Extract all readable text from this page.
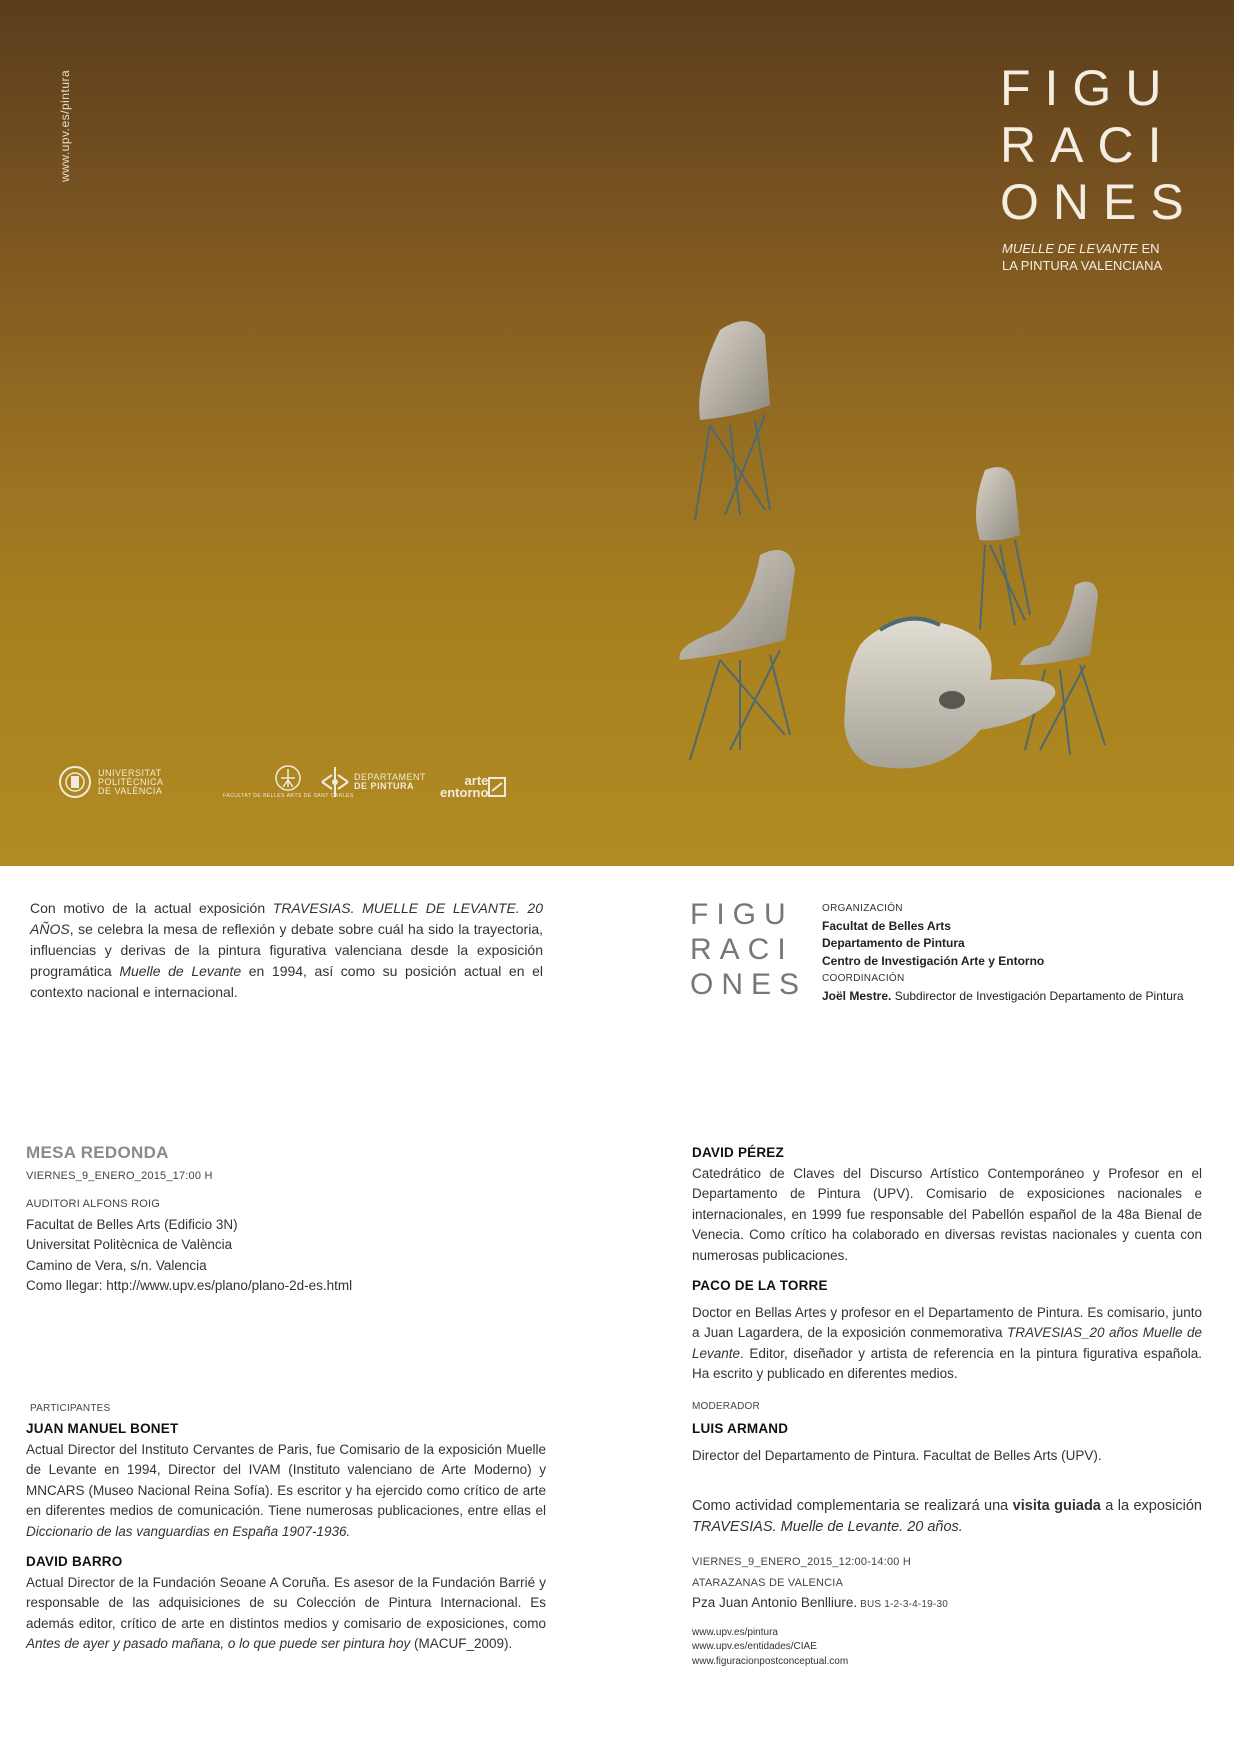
www.upv.es/pintura	FIGU
RACI
ONES
MUELLE DE LEVANTE EN
LA PINTURA VALENCIANA
UNIVERSITAT
POLITÈCNICA
DE VALÈNCIA
FACULTAT DE BELLES ARTS DE SANT CARLES
DEPARTAMENT
DE PINTURA	arte
entorno
Con motivo de la actual exposición TRAVESIAS. MUELLE DE LEVANTE. 20 AÑOS, se celebra la mesa de reflexión y debate sobre cuál ha sido la trayectoria, influencias y derivas de la pintura figurativa valenciana desde la exposición programática Muelle de Levante en 1994, así como su posición actual en el contexto nacional e internacional.
FIGU
RACI
ONES
ORGANIZACIÓN
Facultat de Belles Arts
Departamento de Pintura
Centro de Investigación Arte y Entorno
COORDINACIÓN
Joël Mestre. Subdirector de Investigación Departamento de Pintura
MESA REDONDA
VIERNES_9_ENERO_2015_17:00 H
AUDITORI ALFONS ROIG
Facultat de Belles Arts (Edificio 3N)
Universitat Politècnica de València
Camino de Vera, s/n. Valencia
Como llegar: http://www.upv.es/plano/plano-2d-es.html
PARTICIPANTES
JUAN MANUEL BONET
Actual Director del Instituto Cervantes de Paris, fue Comisario de la exposición Muelle de Levante en 1994, Director del IVAM (Instituto valenciano de Arte Moderno) y MNCARS (Museo Nacional Reina Sofía). Es escritor y ha ejercido como crítico de arte en diferentes medios de comunicación. Tiene numerosas publicaciones, entre ellas el Diccionario de las vanguardias en España 1907-1936.
DAVID BARRO
Actual Director de la Fundación Seoane A Coruña. Es asesor de la Fundación Barrié y responsable de las adquisiciones de su Colección de Pintura Internacional. Es además editor, crítico de arte en distintos medios y comisario de exposiciones, como Antes de ayer y pasado mañana, o lo que puede ser pintura hoy (MACUF_2009).
DAVID PÉREZ
Catedrático de Claves del Discurso Artístico Contemporáneo y Profesor en el Departamento de Pintura (UPV). Comisario de exposiciones nacionales e internacionales, en 1999 fue responsable del Pabellón español de la 48a Bienal de Venecia. Como crítico ha colaborado en diversas revistas nacionales y cuenta con numerosas publicaciones.
PACO DE LA TORRE
Doctor en Bellas Artes y profesor en el Departamento de Pintura. Es comisario, junto a Juan Lagardera, de la exposición conmemorativa TRAVESIAS_20 años Muelle de Levante. Editor, diseñador y artista de referencia en la pintura figurativa española. Ha escrito y publicado en diferentes medios.
MODERADOR
LUIS ARMAND
Director del Departamento de Pintura. Facultat de Belles Arts (UPV).
Como actividad complementaria se realizará una visita guiada a la exposición TRAVESIAS. Muelle de Levante. 20 años.
VIERNES_9_ENERO_2015_12:00-14:00 H
ATARAZANAS DE VALENCIA
Pza Juan Antonio Benlliure. BUS 1-2-3-4-19-30
www.upv.es/pintura
www.upv.es/entidades/CIAE
www.figuracionpostconceptual.com
